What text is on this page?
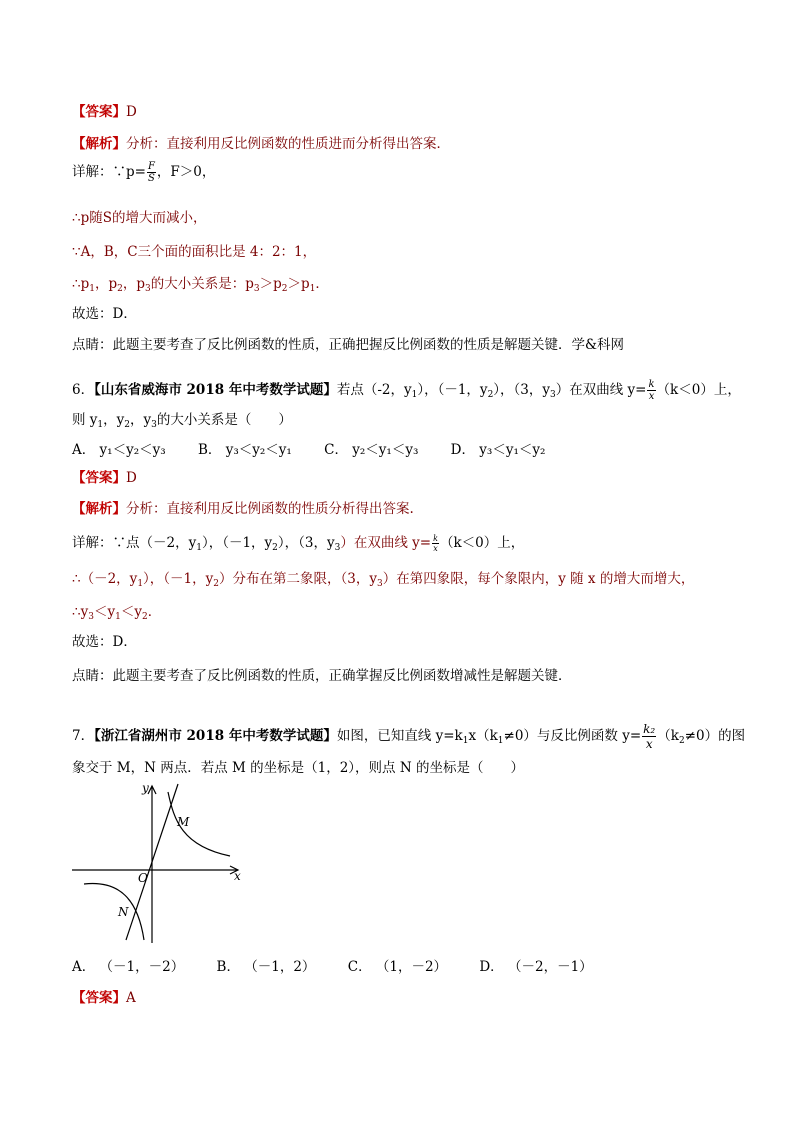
【答案】D
【解析】分析：直接利用反比例函数的性质进而分析得出答案．
详解：∵p= $\frac{F}{S}$ ，F＞0，
∴p随S的增大而减小，
∵A，B，C三个面的面积比是 4：2：1，
$\therefore p_1$，$p_2$，$p_3$的大小关系是：$p_3>p_2>p_1$．
故选：D．
点睛：此题主要考查了反比例函数的性质，正确把握反比例函数的性质是解题关键．学&科网
6．【山东省威海市 2018 年中考数学试题】若点（-2，$y_1$），（－1，$y_2$），（3，$y_3$）在双曲线 $y= \frac{k}{x} (k<0)$上，
则 $y_1$，$y_2$，$y_3$的大小关系是（　　）
A． y₁＜y₂＜y₃ B． y₃＜y₂＜y₁ C． y₂＜y₁＜y₃ D． y₃＜y₁＜y₂
【答案】D
【解析】分析：直接利用反比例函数的性质分析得出答案.
详解：∵点（－2，$y_1$），（－1，$y_2$），（3，$y_3$）在双曲线 $y= \frac{k}{x} (k<0)$上，
∴（－2，$y_1$），（－1，$y_2$）分布在第二象限，（3，$y_3$）在第四象限，每个象限内，y 随 x 的增大而增大，
$\therefore y_3<y_1<y_2$．
故选：D．
点睛：此题主要考查了反比例函数的性质，正确掌握反比例函数增减性是解题关键．
7．【浙江省湖州市 2018 年中考数学试题】如图，已知直线 $y=k_1x(k_1\ne 0)$与反比例函数 $y= \frac{\text{k₂}}{x} (k_2\ne 0)$的图
象交于 M，N 两点．若点 M 的坐标是（1，2），则点 N 的坐标是（　　）
y
x
O
M
N
A． （－1，－2） B． （－1，2） C． （1，－2） D． （－2，－1）
【答案】A
